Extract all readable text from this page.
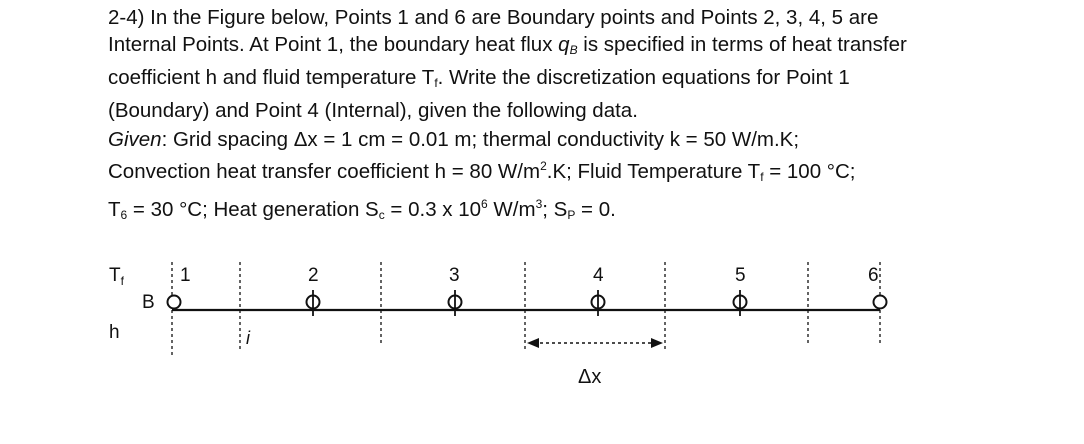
2-4) In the Figure below, Points 1 and 6 are Boundary points and Points 2, 3, 4, 5 are

Internal Points. At Point 1, the boundary heat flux $q_B$ is specified in terms of heat transfer

coefficient h and fluid temperature $T_f$. Write the discretization equations for Point 1

(Boundary) and Point 4 (Internal), given the following data.

Given: Grid spacing Δx = 1 cm = 0.01 m; thermal conductivity k = 50 W/m.K;

Convection heat transfer coefficient h = 80 $W/m^2.K$; Fluid Temperature $T_f = 100$ °C;

$T_6 = 30$ °C; Heat generation $S_c = 0.3$ x $10^6$ $W/m^3$; $S_P = 0$.

$T_f$
h
B
i
1	2	3	4	5	6
Δx
